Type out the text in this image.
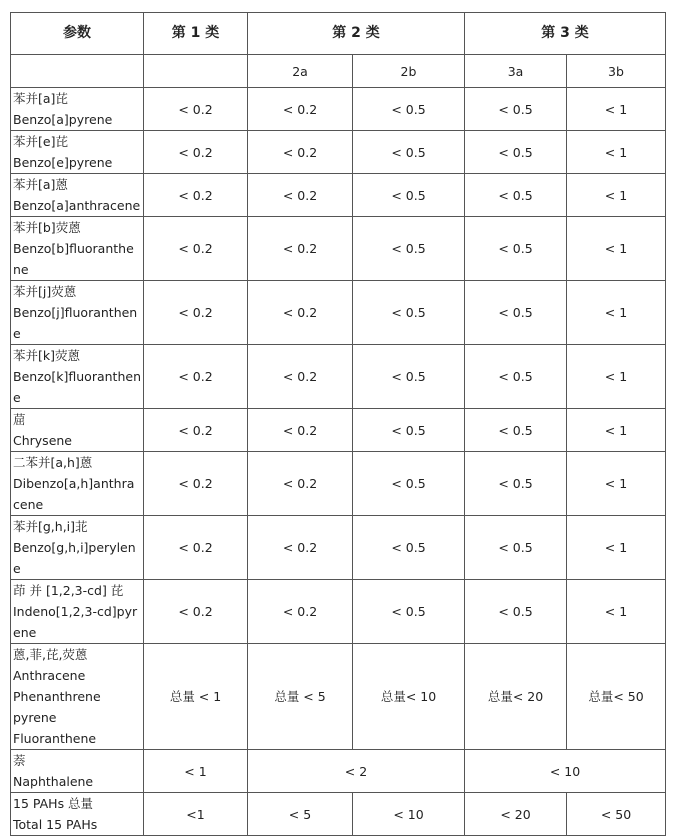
参数	第 1 类	第 2 类		第 3 类	
		2a	2b	3a	3b

苯并[a]芘
Benzo[a]pyrene	< 0.2	< 0.2	< 0.5	< 0.5	< 1

苯并[e]芘
Benzo[e]pyrene	< 0.2	< 0.2	< 0.5	< 0.5	< 1

苯并[a]蒽
Benzo[a]anthracene	< 0.2	< 0.2	< 0.5	< 0.5	< 1

苯并[b]荧蒽
Benzo[b]fluoranthene	< 0.2	< 0.2	< 0.5	< 0.5	< 1

苯并[j]荧蒽
Benzo[j]fluoranthene	< 0.2	< 0.2	< 0.5	< 0.5	< 1

苯并[k]荧蒽
Benzo[k]fluoranthene	< 0.2	< 0.2	< 0.5	< 0.5	< 1

䓛
Chrysene	< 0.2	< 0.2	< 0.5	< 0.5	< 1

二苯并[a,h]蒽
Dibenzo[a,h]anthracene	< 0.2	< 0.2	< 0.5	< 0.5	< 1

苯并[g,h,i]苝
Benzo[g,h,i]perylene	< 0.2	< 0.2	< 0.5	< 0.5	< 1

茚 并 [1,2,3-cd] 芘
Indeno[1,2,3-cd]pyrene	< 0.2	< 0.2	< 0.5	< 0.5	< 1

蒽,菲,芘,荧蒽
Anthracene
Phenanthrene
pyrene
Fluoranthene	总量 < 1	总量 < 5	总量< 10	总量< 20	总量< 50

萘
Naphthalene	< 1	< 2		< 10	

15 PAHs 总量
Total 15 PAHs	<1	< 5	< 10	< 20	< 50
